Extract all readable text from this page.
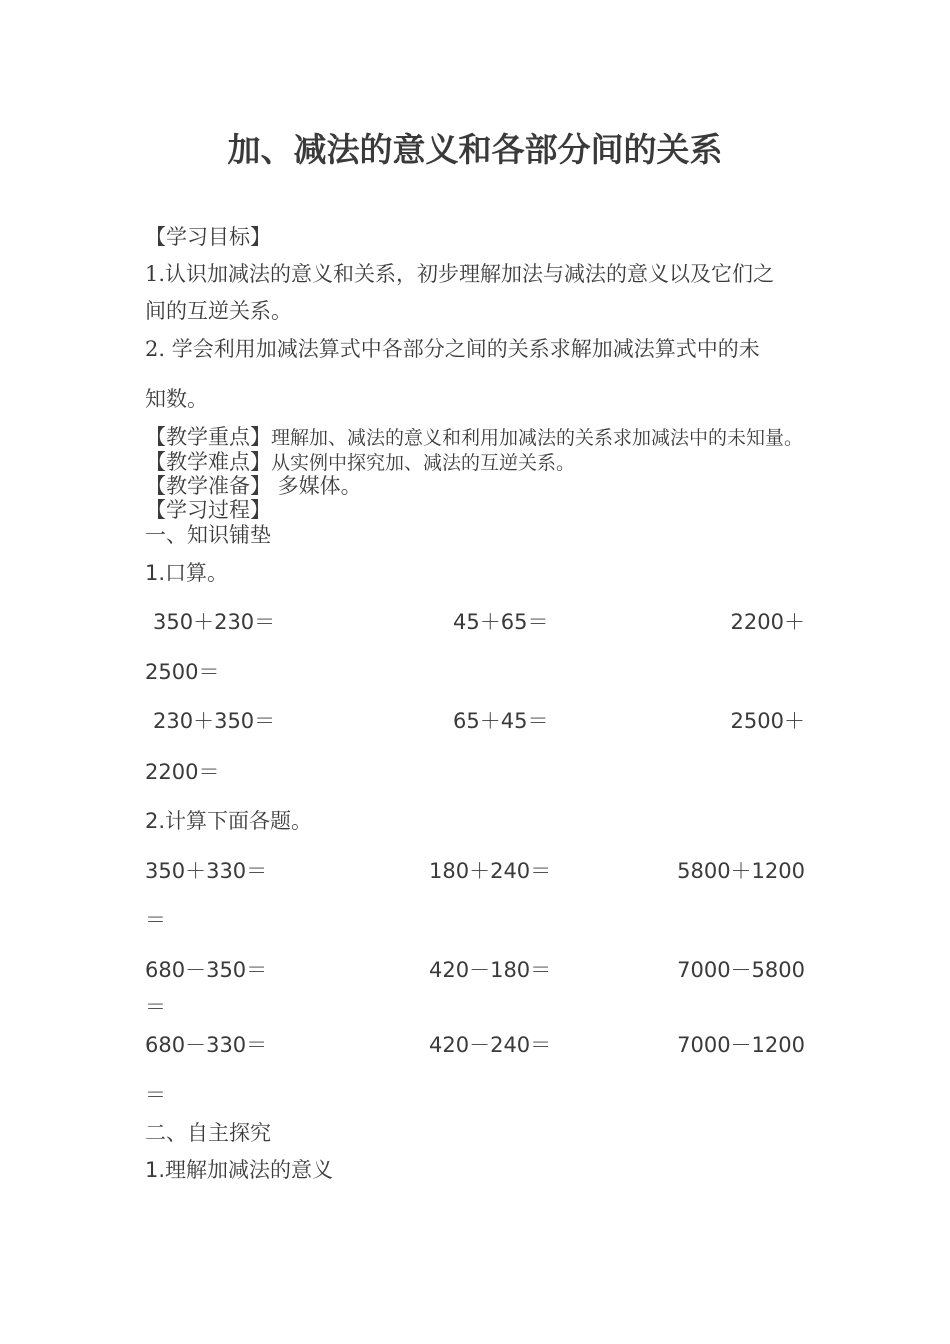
加、减法的意义和各部分间的关系
【学习目标】
1.认识加减法的意义和关系，初步理解加法与减法的意义以及它们之
间的互逆关系。
2. 学会利用加减法算式中各部分之间的关系求解加减法算式中的未
知数。
【教学重点】理解加、减法的意义和利用加减法的关系求加减法中的未知量。
【教学难点】从实例中探究加、减法的互逆关系。
【教学准备】 多媒体。
【学习过程】
一、知识铺垫
1.口算。
350＋230＝	45＋65＝	2200＋
2500＝
230＋350＝	65＋45＝	2500＋
2200＝
2.计算下面各题。
350＋330＝	180＋240＝	5800＋1200
＝
680－350＝	420－180＝	7000－5800
＝
680－330＝	420－240＝	7000－1200
＝
二、自主探究
1.理解加减法的意义
